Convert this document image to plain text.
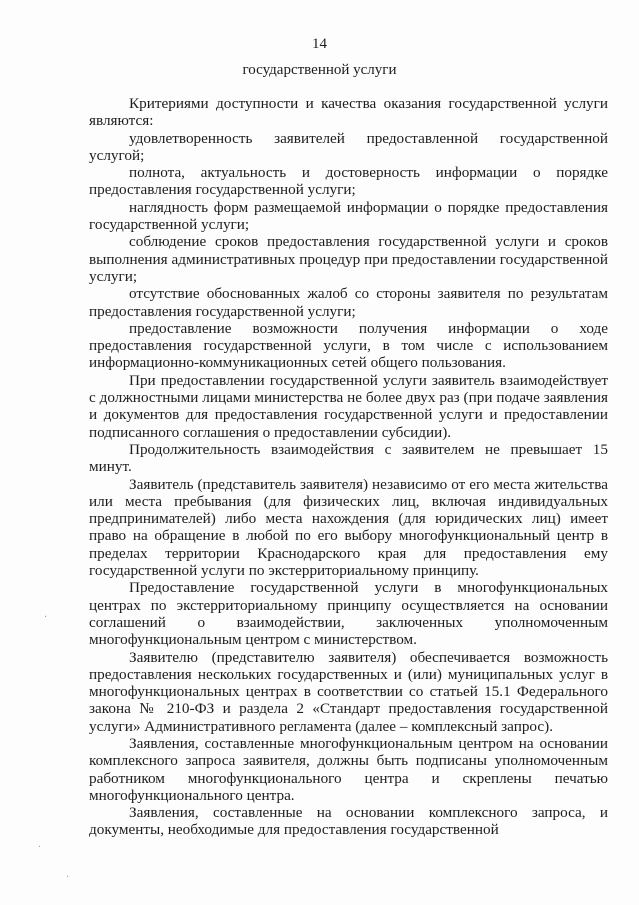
14
государственной услуги

Критериями доступности и качества оказания государственной услуги являются:

удовлетворенность заявителей предоставленной государственной услугой;

полнота, актуальность и достоверность информации о порядке предоставления государственной услуги;

наглядность форм размещаемой информации о порядке предоставления государственной услуги;

соблюдение сроков предоставления государственной услуги и сроков выполнения административных процедур при предоставлении государственной услуги;

отсутствие обоснованных жалоб со стороны заявителя по результатам предоставления государственной услуги;

предоставление возможности получения информации о ходе предоставления государственной услуги, в том числе с использованием информационно-коммуникационных сетей общего пользования.

При предоставлении государственной услуги заявитель взаимодействует с должностными лицами министерства не более двух раз (при подаче заявления и документов для предоставления государственной услуги и предоставлении подписанного соглашения о предоставлении субсидии).

Продолжительность взаимодействия с заявителем не превышает 15 минут.

Заявитель (представитель заявителя) независимо от его места жительства или места пребывания (для физических лиц, включая индивидуальных предпринимателей) либо места нахождения (для юридических лиц) имеет право на обращение в любой по его выбору многофункциональный центр в пределах территории Краснодарского края для предоставления ему государственной услуги по экстерриториальному принципу.

Предоставление государственной услуги в многофункциональных центрах по экстерриториальному принципу осуществляется на основании соглашений о взаимодействии, заключенных уполномоченным многофункциональным центром с министерством.

Заявителю (представителю заявителя) обеспечивается возможность предоставления нескольких государственных и (или) муниципальных услуг в многофункциональных центрах в соответствии со статьей 15.1 Федерального закона № 210-ФЗ и раздела 2 «Стандарт предоставления государственной услуги» Административного регламента (далее – комплексный запрос).

Заявления, составленные многофункциональным центром на основании комплексного запроса заявителя, должны быть подписаны уполномоченным работником многофункционального центра и скреплены печатью многофункционального центра.

Заявления, составленные на основании комплексного запроса, и документы, необходимые для предоставления государственной

·
·
·
